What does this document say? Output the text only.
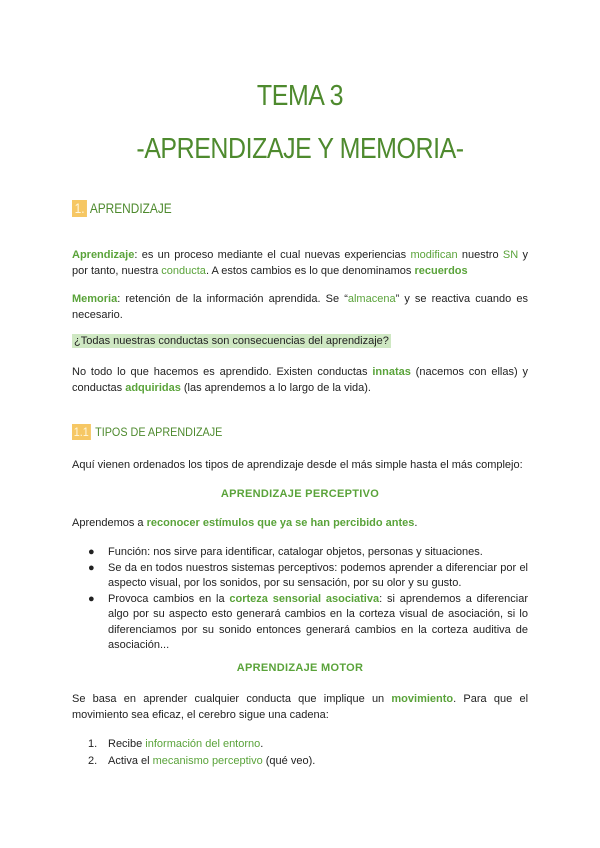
TEMA 3
-APRENDIZAJE Y MEMORIA-
1. APRENDIZAJE
Aprendizaje: es un proceso mediante el cual nuevas experiencias modifican nuestro SN y por tanto, nuestra conducta. A estos cambios es lo que denominamos recuerdos
Memoria: retención de la información aprendida. Se “almacena” y se reactiva cuando es necesario.
¿Todas nuestras conductas son consecuencias del aprendizaje?
No todo lo que hacemos es aprendido. Existen conductas innatas (nacemos con ellas) y conductas adquiridas (las aprendemos a lo largo de la vida).
1.1 TIPOS DE APRENDIZAJE
Aquí vienen ordenados los tipos de aprendizaje desde el más simple hasta el más complejo:
APRENDIZAJE PERCEPTIVO
Aprendemos a reconocer estímulos que ya se han percibido antes.
● Función: nos sirve para identificar, catalogar objetos, personas y situaciones.
● Se da en todos nuestros sistemas perceptivos: podemos aprender a diferenciar por el aspecto visual, por los sonidos, por su sensación, por su olor y su gusto.
● Provoca cambios en la corteza sensorial asociativa: si aprendemos a diferenciar algo por su aspecto esto generará cambios en la corteza visual de asociación, si lo diferenciamos por su sonido entonces generará cambios en la corteza auditiva de asociación...
APRENDIZAJE MOTOR
Se basa en aprender cualquier conducta que implique un movimiento. Para que el movimiento sea eficaz, el cerebro sigue una cadena:
1. Recibe información del entorno.
2. Activa el mecanismo perceptivo (qué veo).
